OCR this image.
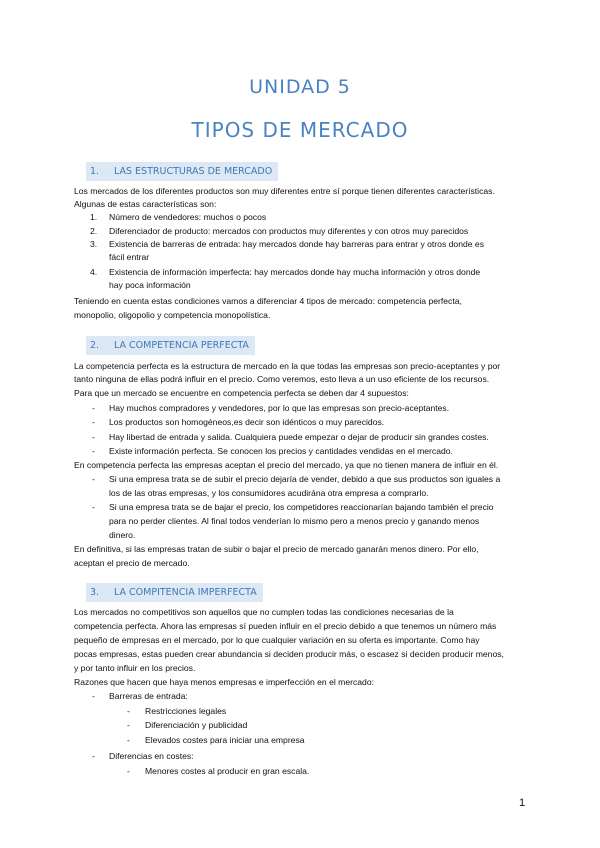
UNIDAD 5
TIPOS DE MERCADO
1.	LAS ESTRUCTURAS DE MERCADO
Los mercados de los diferentes productos son muy diferentes entre sí porque tienen diferentes características.
Algunas de estas características son:
1.	Número de vendedores: muchos o pocos
2.	Diferenciador de producto: mercados con productos muy diferentes y con otros muy parecidos
3.	Existencia de barreras de entrada: hay mercados donde hay barreras para entrar y otros donde es
fácil entrar
4.	Existencia de información imperfecta: hay mercados donde hay mucha información y otros donde
hay poca información
Teniendo en cuenta estas condiciones vamos a diferenciar 4 tipos de mercado: competencia perfecta,
monopolio, oligopolio y competencia monopolística.
2.	LA COMPETENCIA PERFECTA
La competencia perfecta es la estructura de mercado en la que todas las empresas son precio-aceptantes y por
tanto ninguna de ellas podrá influir en el precio. Como veremos, esto lleva a un uso eficiente de los recursos.
Para que un mercado se encuentre en competencia perfecta se deben dar 4 supuestos:
-	Hay muchos compradores y vendedores, por lo que las empresas son precio-aceptantes.
-	Los productos son homogéneos,es decir son idénticos o muy parecidos.
-	Hay libertad de entrada y salida. Cualquiera puede empezar o dejar de producir sin grandes costes.
-	Existe información perfecta. Se conocen los precios y cantidades vendidas en el mercado.
En competencia perfecta las empresas aceptan el precio del mercado, ya que no tienen manera de influir en él.
-	Si una empresa trata se de subir el precio dejaría de vender, debido a que sus productos son iguales a
los de las otras empresas, y los consumidores acudirána otra empresa a comprarlo.
-	Si una empresa trata se de bajar el precio, los competidores reaccionarían bajando también el precio
para no perder clientes. Al final todos venderían lo mismo pero a menos precio y ganando menos
dinero.
En definitiva, si las empresas tratan de subir o bajar el precio de mercado ganarán menos dinero. Por ello,
aceptan el precio de mercado.
3.	LA COMPITENCIA IMPERFECTA
Los mercados no competitivos son aquellos que no cumplen todas las condiciones necesarias de la
competencia perfecta. Ahora las empresas sí pueden influir en el precio debido a que tenemos un número más
pequeño de empresas en el mercado, por lo que cualquier variación en su oferta es importante. Como hay
pocas empresas, estas pueden crear abundancia si deciden producir más, o escasez si deciden producir menos,
y por tanto influir en los precios.
Razones que hacen que haya menos empresas e imperfección en el mercado:
-	Barreras de entrada:
-	Restricciones legales
-	Diferenciación y publicidad
-	Elevados costes para iniciar una empresa
-	Diferencias en costes:
-	Menores costes al producir en gran escala.
1
